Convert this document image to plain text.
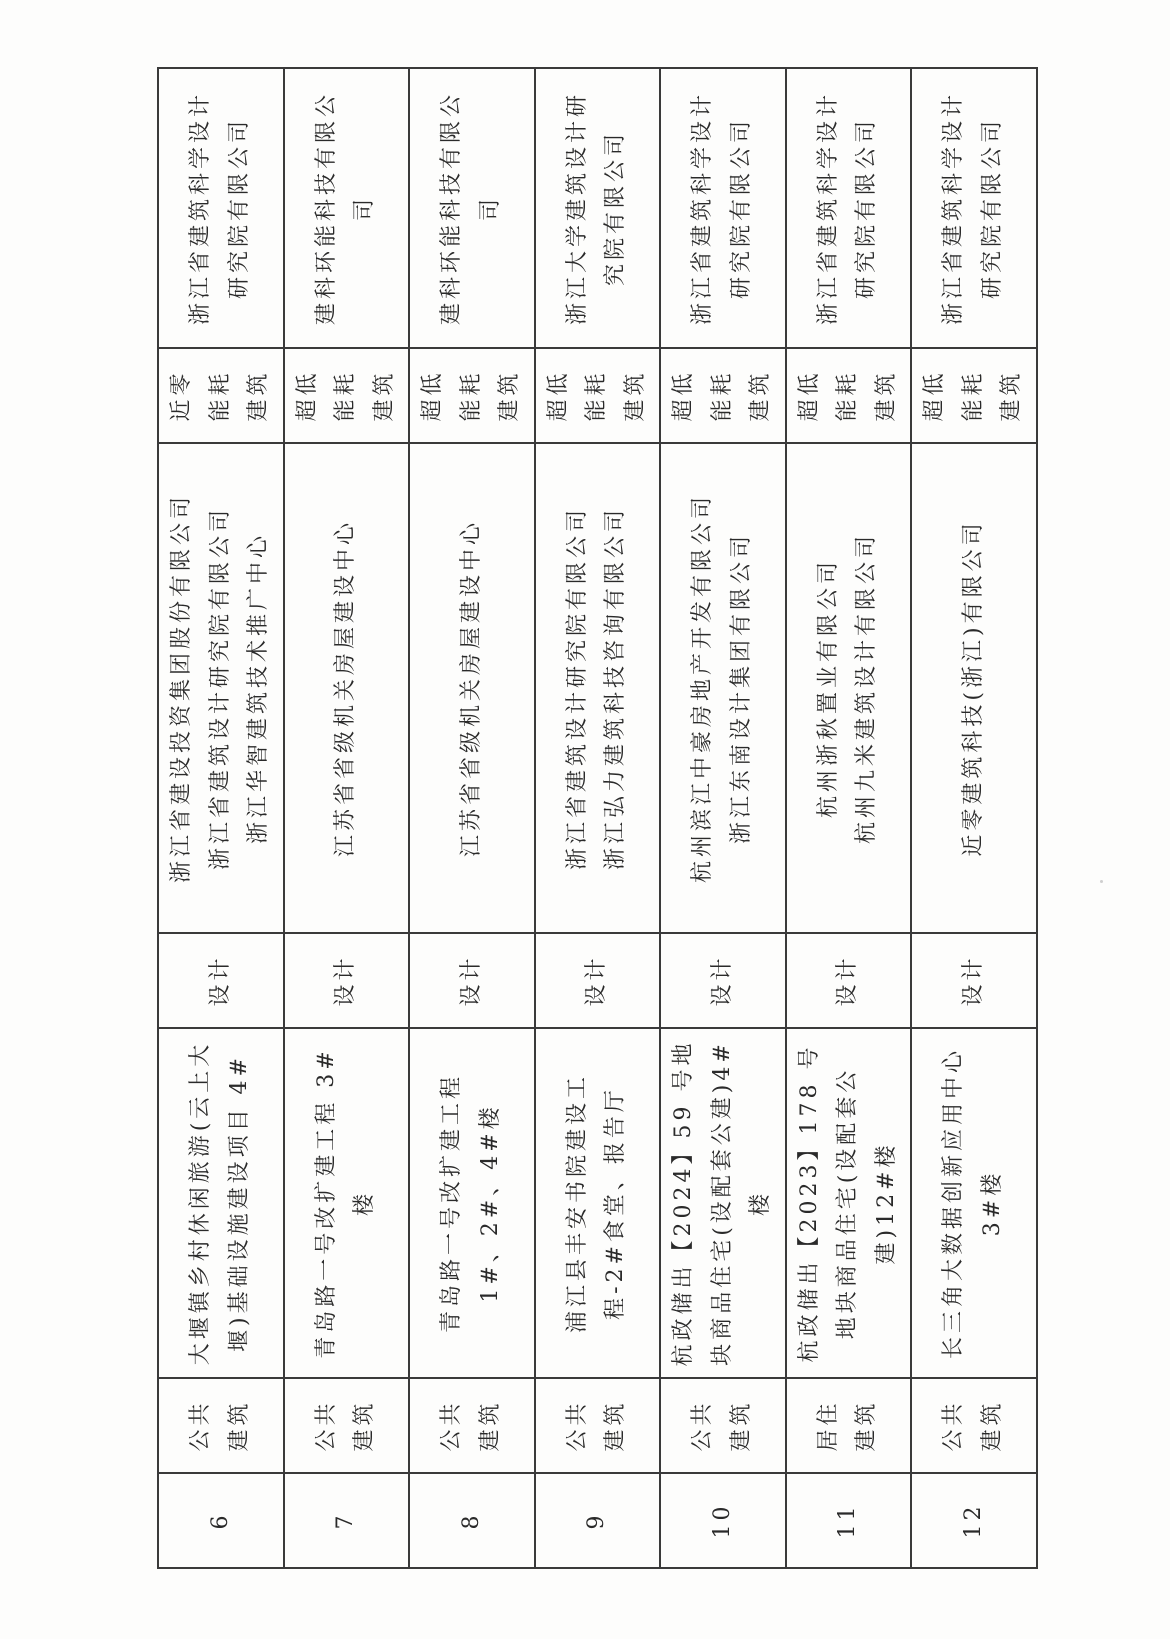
6	公共建筑	大堰镇乡村休闲旅游(云上大堰)基础设施建设项目 4#	设计	浙江省建设投资集团股份有限公司 浙江省建筑设计研究院有限公司 浙江华智建筑技术推广中心	近零能耗建筑	浙江省建筑科学设计研究院有限公司
7	公共建筑	青岛路一号改扩建工程 3#楼	设计	江苏省省级机关房屋建设中心	超低能耗建筑	建科环能科技有限公司
8	公共建筑	青岛路一号改扩建工程 1#、2#、4#楼	设计	江苏省省级机关房屋建设中心	超低能耗建筑	建科环能科技有限公司
9	公共建筑	浦江县丰安书院建设工程-2#食堂、报告厅	设计	浙江省建筑设计研究院有限公司 浙江弘力建筑科技咨询有限公司	超低能耗建筑	浙江大学建筑设计研究院有限公司
10	公共建筑	杭政储出【2024】59 号地块商品住宅(设配套公建)4#楼	设计	杭州滨江中豪房地产开发有限公司 浙江东南设计集团有限公司	超低能耗建筑	浙江省建筑科学设计研究院有限公司
11	居住建筑	杭政储出【2023】178 号地块商品住宅(设配套公建)12#楼	设计	杭州浙秋置业有限公司 杭州九米建筑设计有限公司	超低能耗建筑	浙江省建筑科学设计研究院有限公司
12	公共建筑	长三角大数据创新应用中心 3#楼	设计	近零建筑科技(浙江)有限公司	超低能耗建筑	浙江省建筑科学设计研究院有限公司
